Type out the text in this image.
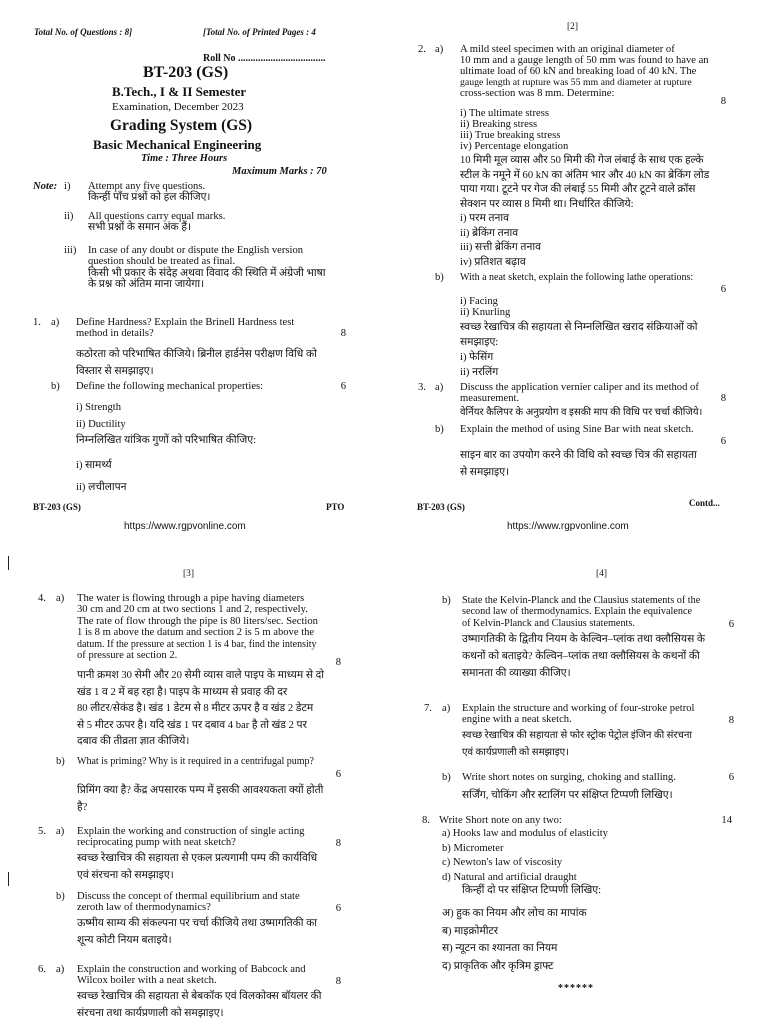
Total No. of Questions : 8]	[Total No. of Printed Pages : 4
Roll No ...................................
BT-203 (GS)
B.Tech., I & II Semester
Examination, December 2023
Grading System (GS)
Basic Mechanical Engineering
Time : Three Hours
Maximum Marks : 70
Note: i) Attempt any five questions.
किन्हीं पाँच प्रश्नों को हल कीजिए।
ii) All questions carry equal marks.
सभी प्रश्नों के समान अंक हैं।
iii) In case of any doubt or dispute the English version
question should be treated as final.
किसी भी प्रकार के संदेह अथवा विवाद की स्थिति में अंग्रेजी भाषा
के प्रश्न को अंतिम माना जायेगा।
1. a) Define Hardness? Explain the Brinell Hardness test
method in details?	8
कठोरता को परिभाषित कीजिये। ब्रिनील हार्डनेस परीक्षण विधि को
विस्तार से समझाइए।
b) Define the following mechanical properties:	6
i) Strength
ii) Ductility
निम्नलिखित यांत्रिक गुणों को परिभाषित कीजिए:
i) सामर्थ्य
ii) लचीलापन
BT-203 (GS)	PTO
[2]
2. a) A mild steel specimen with an original diameter of
10 mm and a gauge length of 50 mm was found to have an
ultimate load of 60 kN and breaking load of 40 kN. The
gauge length at rupture was 55 mm and diameter at rupture
cross-section was 8 mm. Determine:
8
i) The ultimate stress
ii) Breaking stress
iii) True breaking stress
iv) Percentage elongation
10 मिमी मूल व्यास और 50 मिमी की गेज लंबाई के साथ एक हल्के
स्टील के नमूने में 60 kN का अंतिम भार और 40 kN का ब्रेकिंग लोड
पाया गया। टूटने पर गेज की लंबाई 55 मिमी और टूटने वाले क्रॉस
सेक्शन पर व्यास 8 मिमी था। निर्धारित कीजिये:
i) परम तनाव
ii) ब्रेकिंग तनाव
iii) सत्ती ब्रेकिंग तनाव
iv) प्रतिशत बढ़ाव
b) With a neat sketch, explain the following lathe operations:
6
i) Facing
ii) Knurling
स्वच्छ रेखाचित्र की सहायता से निम्नलिखित खराद संक्रियाओं को
समझाइए:
i) फेसिंग
ii) नरलिंग
3. a) Discuss the application vernier caliper and its method of
measurement.	8
वेर्नियर कैलिपर के अनुप्रयोग व इसकी माप की विधि पर चर्चा कीजिये।
b) Explain the method of using Sine Bar with neat sketch.
6
साइन बार का उपयोग करने की विधि को स्वच्छ चित्र की सहायता
से समझाइए।
BT-203 (GS)	Contd...
https://www.rgpvonline.com	https://www.rgpvonline.com
[3]
4. a) The water is flowing through a pipe having diameters
30 cm and 20 cm at two sections 1 and 2, respectively.
The rate of flow through the pipe is 80 liters/sec. Section
1 is 8 m above the datum and section 2 is 5 m above the
datum. If the pressure at section 1 is 4 bar, find the intensity
of pressure at section 2.
8
पानी क्रमश 30 सेमी और 20 सेमी व्यास वाले पाइप के माध्यम से दो
खंड 1 व 2 में बह रहा है। पाइप के माध्यम से प्रवाह की दर
80 लीटर/सेकंड है। खंड 1 डेटम से 8 मीटर ऊपर है व खंड 2 डेटम
से 5 मीटर ऊपर है। यदि खंड 1 पर दबाव 4 bar है तो खंड 2 पर
दबाव की तीव्रता ज्ञात कीजिये।
b) What is priming? Why is it required in a centrifugal pump?
6
प्रिमिंग क्या है? केंद्र अपसारक पम्प में इसकी आवश्यकता क्यों होती
है?
5. a) Explain the working and construction of single acting
reciprocating pump with neat sketch?	8
स्वच्छ रेखाचित्र की सहायता से एकल प्रत्यगामी पम्प की कार्यविधि
एवं संरचना को समझाइए।
b) Discuss the concept of thermal equilibrium and state
zeroth law of thermodynamics?	6
ऊष्मीय साम्य की संकल्पना पर चर्चा कीजिये तथा उष्मागतिकी का
शून्य कोटी नियम बताइये।
6. a) Explain the construction and working of Babcock and
Wilcox boiler with a neat sketch.	8
स्वच्छ रेखाचित्र की सहायता से बेबकॉक एवं विलकोक्स बॉयलर की
संरचना तथा कार्यप्रणाली को समझाइए।
[4]
b) State the Kelvin-Planck and the Clausius statements of the
second law of thermodynamics. Explain the equivalence
of Kelvin-Planck and Clausius statements.	6
उष्मागतिकी के द्वितीय नियम के केल्विन–प्लांक तथा क्लौसियस के
कथनों को बताइये? केल्विन–प्लांक तथा क्लौसियस के कथनों की
समानता की व्याख्या कीजिए।
7. a) Explain the structure and working of four-stroke petrol
engine with a neat sketch.	8
स्वच्छ रेखाचित्र की सहायता से फोर स्ट्रोक पेट्रोल इंजिन की संरचना
एवं कार्यप्रणाली को समझाइए।
b) Write short notes on surging, choking and stalling.	6
सर्जिंग, चोकिंग और स्टालिंग पर संक्षिप्त टिप्पणी लिखिए।
8. Write Short note on any two:	14
a) Hooks law and modulus of elasticity
b) Micrometer
c) Newton's law of viscosity
d) Natural and artificial draught
किन्हीं दो पर संक्षिप्त टिप्पणी लिखिए:
अ) हुक का नियम और लोच का मापांक
ब) माइक्रोमीटर
स) न्यूटन का श्यानता का नियम
द) प्राकृतिक और कृत्रिम ड्राफ्ट
******
